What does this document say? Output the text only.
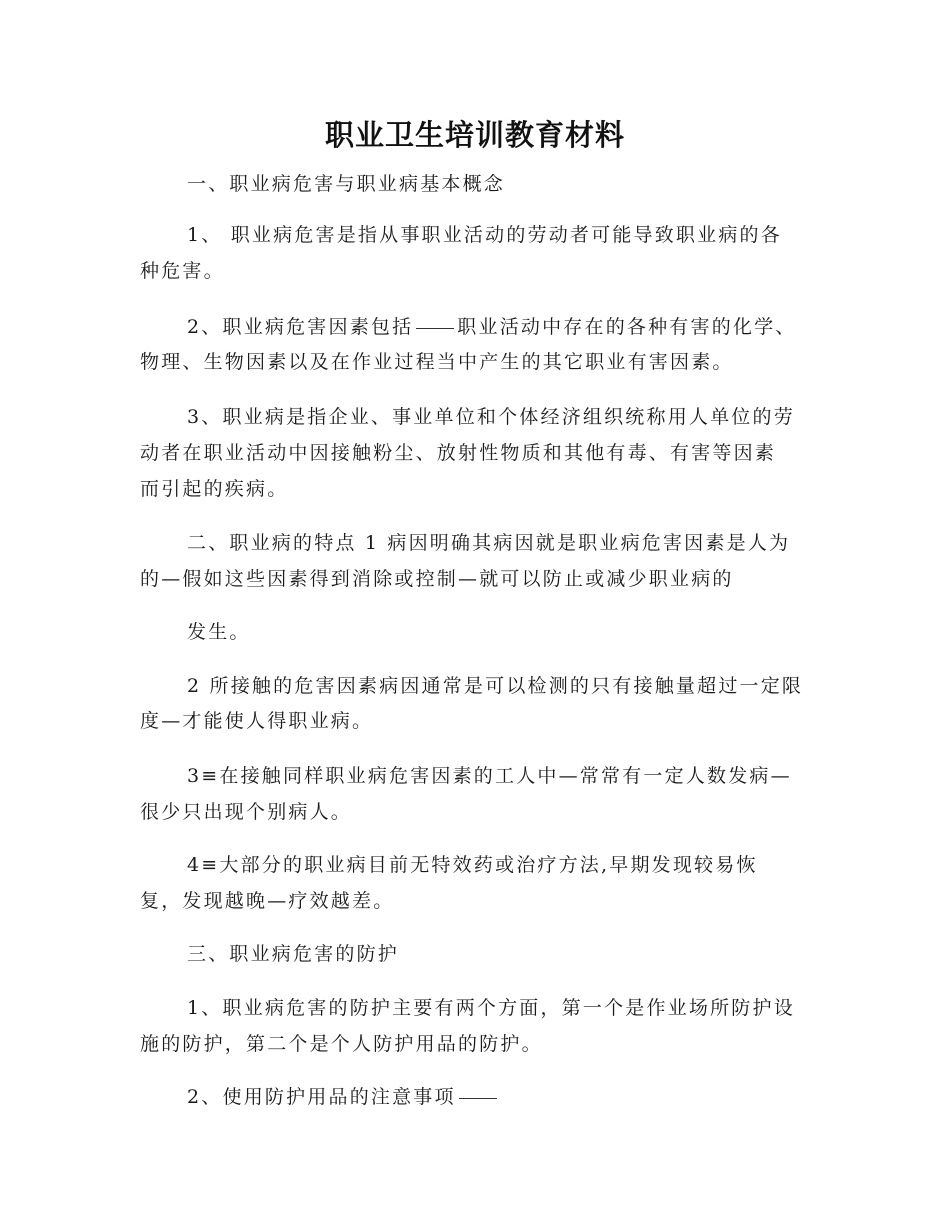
职业卫生培训教育材料
一、职业病危害与职业病基本概念
1、 职业病危害是指从事职业活动的劳动者可能导致职业病的各
种危害。
2、职业病危害因素包括 职业活动中存在的各种有害的化学、
物理、生物因素以及在作业过程当中产生的其它职业有害因素。
3、职业病是指企业、事业单位和个体经济组织统称用人单位的劳
动者在职业活动中因接触粉尘、放射性物质和其他有毒、有害等因素
而引起的疾病。
二、职业病的特点 1 病因明确其病因就是职业病危害因素是人为
的—假如这些因素得到消除或控制—就可以防止或减少职业病的
发生。
2 所接触的危害因素病因通常是可以检测的只有接触量超过一定限
度—才能使人得职业病。
3≡在接触同样职业病危害因素的工人中—常常有一定人数发病—
很少只出现个别病人。
4≡大部分的职业病目前无特效药或治疗方法,早期发现较易恢
复，发现越晚—疗效越差。
三、职业病危害的防护
1、职业病危害的防护主要有两个方面，第一个是作业场所防护设
施的防护，第二个是个人防护用品的防护。
2、使用防护用品的注意事项
